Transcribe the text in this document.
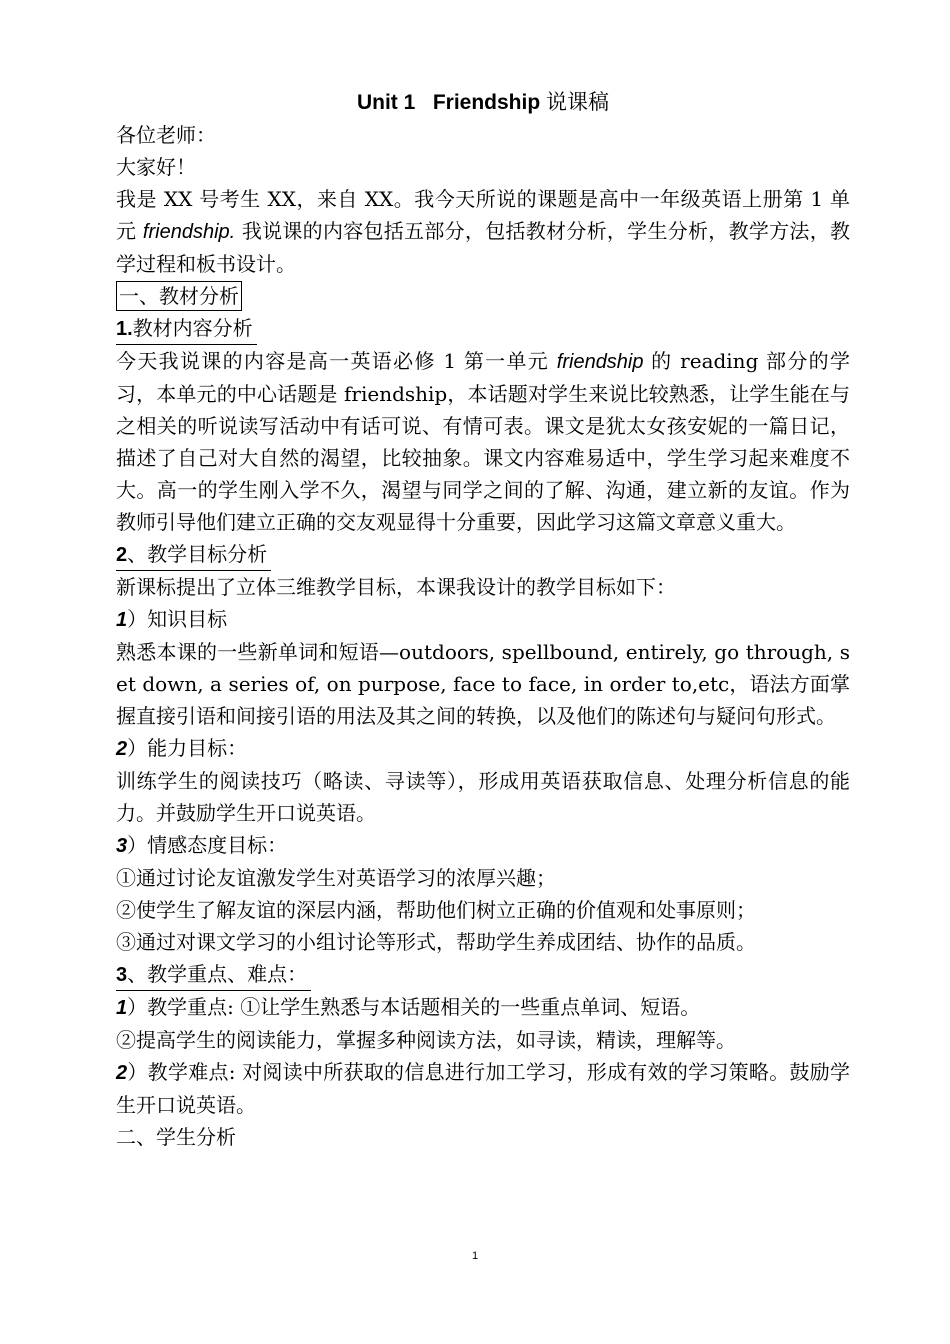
Unit 1 Friendship 说课稿

各位老师：

大家好！

我是 XX 号考生 XX，来自 XX。我今天所说的课题是高中一年级英语上册第 1 单元 friendship. 我说课的内容包括五部分，包括教材分析，学生分析，教学方法，教学过程和板书设计。

一、教材分析

1.教材内容分析

今天我说课的内容是高一英语必修 1 第一单元 friendship 的 reading 部分的学习，本单元的中心话题是 friendship，本话题对学生来说比较熟悉，让学生能在与之相关的听说读写活动中有话可说、有情可表。课文是犹太女孩安妮的一篇日记，描述了自己对大自然的渴望，比较抽象。课文内容难易适中，学生学习起来难度不大。高一的学生刚入学不久，渴望与同学之间的了解、沟通，建立新的友谊。作为教师引导他们建立正确的交友观显得十分重要，因此学习这篇文章意义重大。

2、教学目标分析

新课标提出了立体三维教学目标，本课我设计的教学目标如下：

1）知识目标

熟悉本课的一些新单词和短语—outdoors, spellbound, entirely, go through, set down, a series of, on purpose, face to face, in order to,etc，语法方面掌握直接引语和间接引语的用法及其之间的转换，以及他们的陈述句与疑问句形式。

2）能力目标：

训练学生的阅读技巧（略读、寻读等），形成用英语获取信息、处理分析信息的能力。并鼓励学生开口说英语。

3）情感态度目标：

①通过讨论友谊激发学生对英语学习的浓厚兴趣；

②使学生了解友谊的深层内涵，帮助他们树立正确的价值观和处事原则；

③通过对课文学习的小组讨论等形式，帮助学生养成团结、协作的品质。

3、教学重点、难点：

1）教学重点: ①让学生熟悉与本话题相关的一些重点单词、短语。

②提高学生的阅读能力，掌握多种阅读方法，如寻读，精读，理解等。

2）教学难点: 对阅读中所获取的信息进行加工学习，形成有效的学习策略。鼓励学生开口说英语。

二、学生分析

1
